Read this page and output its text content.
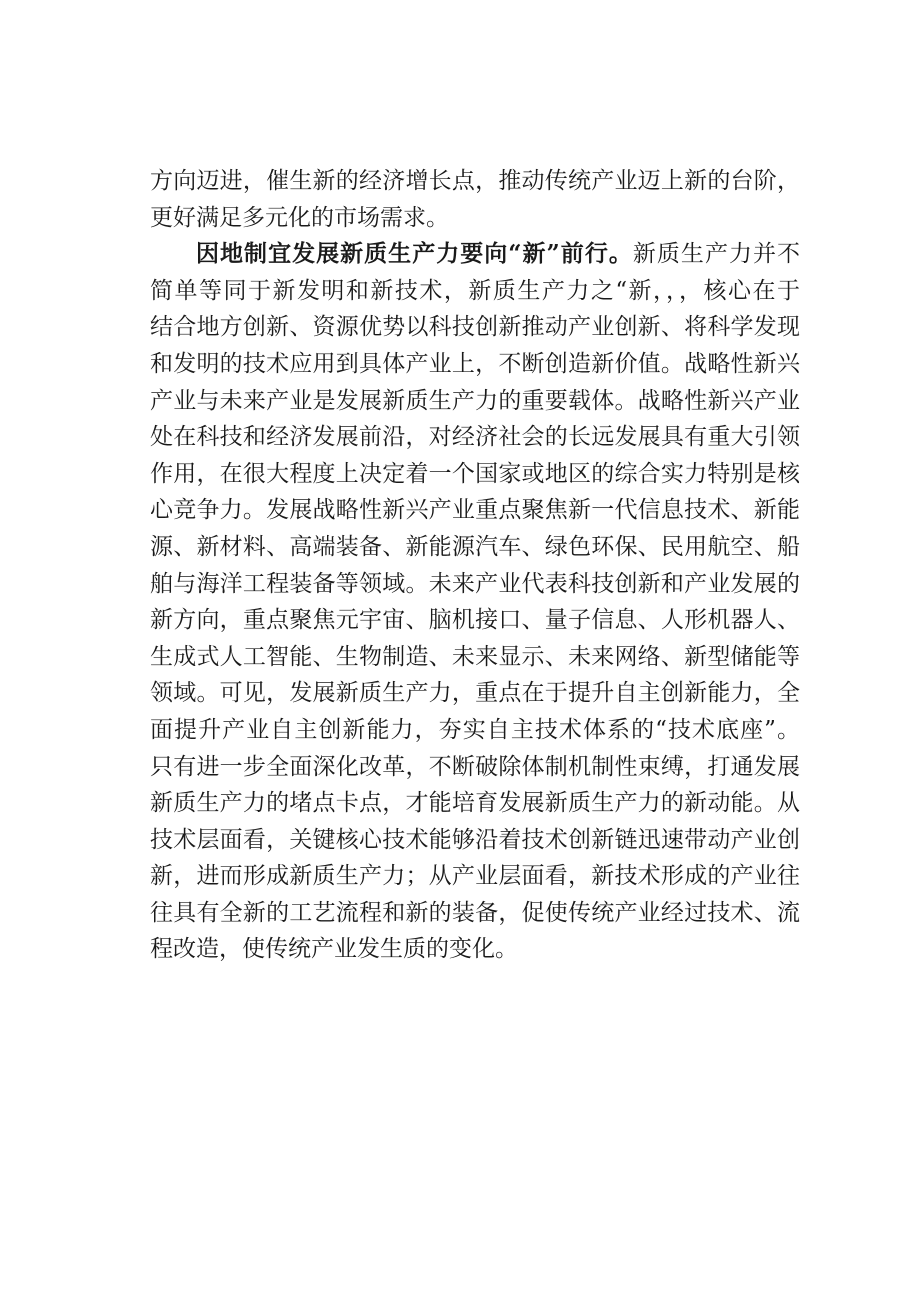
方向迈进，催生新的经济增长点，推动传统产业迈上新的台阶，
更好满足多元化的市场需求。
因地制宜发展新质生产力要向“新”前行。新质生产力并不
简单等同于新发明和新技术，新质生产力之“新，，，核心在于
结合地方创新、资源优势以科技创新推动产业创新、将科学发现
和发明的技术应用到具体产业上，不断创造新价值。战略性新兴
产业与未来产业是发展新质生产力的重要载体。战略性新兴产业
处在科技和经济发展前沿，对经济社会的长远发展具有重大引领
作用，在很大程度上决定着一个国家或地区的综合实力特别是核
心竞争力。发展战略性新兴产业重点聚焦新一代信息技术、新能
源、新材料、高端装备、新能源汽车、绿色环保、民用航空、船
舶与海洋工程装备等领域。未来产业代表科技创新和产业发展的
新方向，重点聚焦元宇宙、脑机接口、量子信息、人形机器人、
生成式人工智能、生物制造、未来显示、未来网络、新型储能等
领域。可见，发展新质生产力，重点在于提升自主创新能力，全
面提升产业自主创新能力，夯实自主技术体系的“技术底座”。
只有进一步全面深化改革，不断破除体制机制性束缚，打通发展
新质生产力的堵点卡点，才能培育发展新质生产力的新动能。从
技术层面看，关键核心技术能够沿着技术创新链迅速带动产业创
新，进而形成新质生产力；从产业层面看，新技术形成的产业往
往具有全新的工艺流程和新的装备，促使传统产业经过技术、流
程改造，使传统产业发生质的变化。
